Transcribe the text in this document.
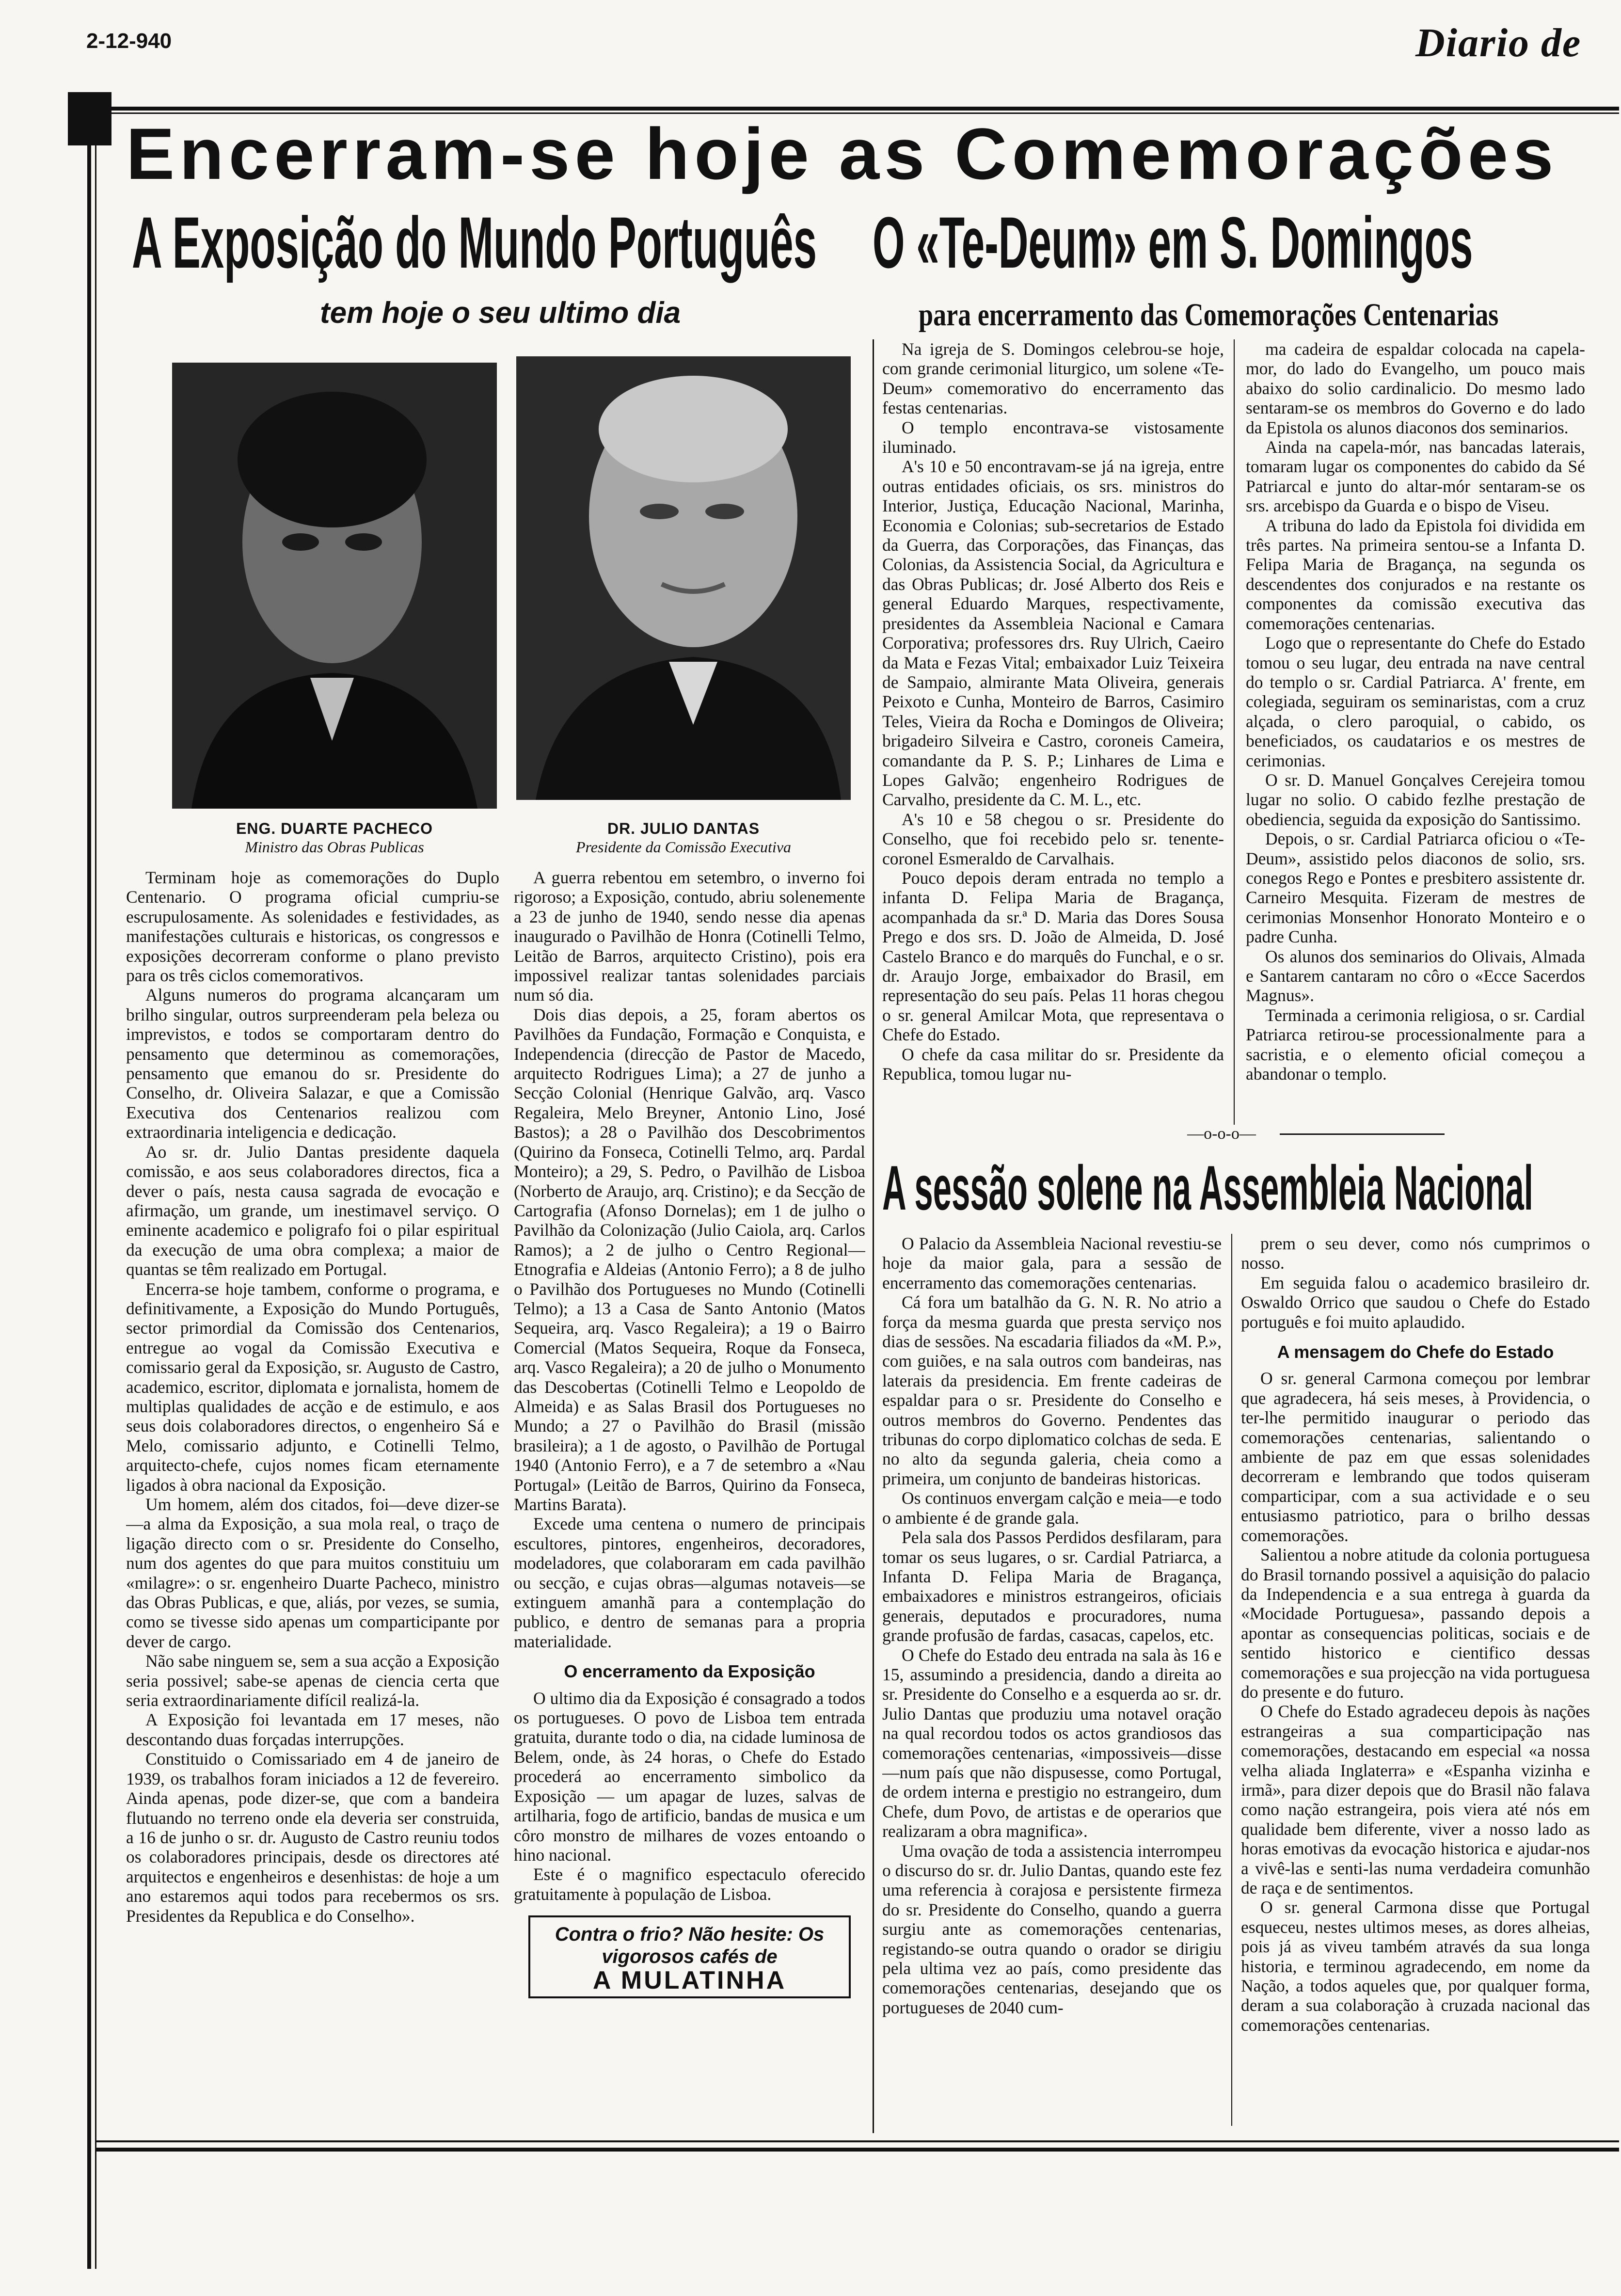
2-12-940	Diario de
Encerram-se hoje as Comemorações
A Exposição do Mundo Português
tem hoje o seu ultimo dia
O «Te-Deum» em S. Domingos
para encerramento das Comemorações Centenarias
ENG. DUARTE PACHECO
Ministro das Obras Publicas
DR. JULIO DANTAS
Presidente da Comissão Executiva

Terminam hoje as comemorações do Duplo Centenario. O programa oficial cumpriu-se escrupulosamente. As solenidades e festividades, as manifestações culturais e historicas, os congressos e exposições decorreram conforme o plano previsto para os três ciclos comemorativos.

Alguns numeros do programa alcançaram um brilho singular, outros surpreenderam pela beleza ou imprevistos, e todos se comportaram dentro do pensamento que determinou as comemorações, pensamento que emanou do sr. Presidente do Conselho, dr. Oliveira Salazar, e que a Comissão Executiva dos Centenarios realizou com extraordinaria inteligencia e dedicação.

Ao sr. dr. Julio Dantas presidente daquela comissão, e aos seus colaboradores directos, fica a dever o país, nesta causa sagrada de evocação e afirmação, um grande, um inestimavel serviço. O eminente academico e poligrafo foi o pilar espiritual da execução de uma obra complexa; a maior de quantas se têm realizado em Portugal.

Encerra-se hoje tambem, conforme o programa, e definitivamente, a Exposição do Mundo Português, sector primordial da Comissão dos Centenarios, entregue ao vogal da Comissão Executiva e comissario geral da Exposição, sr. Augusto de Castro, academico, escritor, diplomata e jornalista, homem de multiplas qualidades de acção e de estimulo, e aos seus dois colaboradores directos, o engenheiro Sá e Melo, comissario adjunto, e Cotinelli Telmo, arquitecto-chefe, cujos nomes ficam eternamente ligados à obra nacional da Exposição.

Um homem, além dos citados, foi—deve dizer-se—a alma da Exposição, a sua mola real, o traço de ligação directo com o sr. Presidente do Conselho, num dos agentes do que para muitos constituiu um «milagre»: o sr. engenheiro Duarte Pacheco, ministro das Obras Publicas, e que, aliás, por vezes, se sumia, como se tivesse sido apenas um comparticipante por dever de cargo.

Não sabe ninguem se, sem a sua acção a Exposição seria possivel; sabe-se apenas de ciencia certa que seria extraordinariamente difícil realizá-la.

A Exposição foi levantada em 17 meses, não descontando duas forçadas interrupções.

Constituido o Comissariado em 4 de janeiro de 1939, os trabalhos foram iniciados a 12 de fevereiro. Ainda apenas, pode dizer-se, que com a bandeira flutuando no terreno onde ela deveria ser construida, a 16 de junho o sr. dr. Augusto de Castro reuniu todos os colaboradores principais, desde os directores até arquitectos e engenheiros e desenhistas: de hoje a um ano estaremos aqui todos para recebermos os srs. Presidentes da Republica e do Conselho».

A guerra rebentou em setembro, o inverno foi rigoroso; a Exposição, contudo, abriu solenemente a 23 de junho de 1940, sendo nesse dia apenas inaugurado o Pavilhão de Honra (Cotinelli Telmo, Leitão de Barros, arquitecto Cristino), pois era impossivel realizar tantas solenidades parciais num só dia.

Dois dias depois, a 25, foram abertos os Pavilhões da Fundação, Formação e Conquista, e Independencia (direcção de Pastor de Macedo, arquitecto Rodrigues Lima); a 27 de junho a Secção Colonial (Henrique Galvão, arq. Vasco Regaleira, Melo Breyner, Antonio Lino, José Bastos); a 28 o Pavilhão dos Descobrimentos (Quirino da Fonseca, Cotinelli Telmo, arq. Pardal Monteiro); a 29, S. Pedro, o Pavilhão de Lisboa (Norberto de Araujo, arq. Cristino); e da Secção de Cartografia (Afonso Dornelas); em 1 de julho o Pavilhão da Colonização (Julio Caiola, arq. Carlos Ramos); a 2 de julho o Centro Regional—Etnografia e Aldeias (Antonio Ferro); a 8 de julho o Pavilhão dos Portugueses no Mundo (Cotinelli Telmo); a 13 a Casa de Santo Antonio (Matos Sequeira, arq. Vasco Regaleira); a 19 o Bairro Comercial (Matos Sequeira, Roque da Fonseca, arq. Vasco Regaleira); a 20 de julho o Monumento das Descobertas (Cotinelli Telmo e Leopoldo de Almeida) e as Salas Brasil dos Portugueses no Mundo; a 27 o Pavilhão do Brasil (missão brasileira); a 1 de agosto, o Pavilhão de Portugal 1940 (Antonio Ferro), e a 7 de setembro a «Nau Portugal» (Leitão de Barros, Quirino da Fonseca, Martins Barata).

Excede uma centena o numero de principais escultores, pintores, engenheiros, decoradores, modeladores, que colaboraram em cada pavilhão ou secção, e cujas obras—algumas notaveis—se extinguem amanhã para a contemplação do publico, e dentro de semanas para a propria materialidade.

O encerramento da Exposição

O ultimo dia da Exposição é consagrado a todos os portugueses. O povo de Lisboa tem entrada gratuita, durante todo o dia, na cidade luminosa de Belem, onde, às 24 horas, o Chefe do Estado procederá ao encerramento simbolico da Exposição — um apagar de luzes, salvas de artilharia, fogo de artificio, bandas de musica e um côro monstro de milhares de vozes entoando o hino nacional.

Este é o magnifico espectaculo oferecido gratuitamente à população de Lisboa.

Contra o frio? Não hesite: Os vigorosos cafés de
A MULATINHA

Na igreja de S. Domingos celebrou-se hoje, com grande cerimonial liturgico, um solene «Te-Deum» comemorativo do encerramento das festas centenarias.

O templo encontrava-se vistosamente iluminado.

A's 10 e 50 encontravam-se já na igreja, entre outras entidades oficiais, os srs. ministros do Interior, Justiça, Educação Nacional, Marinha, Economia e Colonias; sub-secretarios de Estado da Guerra, das Corporações, das Finanças, das Colonias, da Assistencia Social, da Agricultura e das Obras Publicas; dr. José Alberto dos Reis e general Eduardo Marques, respectivamente, presidentes da Assembleia Nacional e Camara Corporativa; professores drs. Ruy Ulrich, Caeiro da Mata e Fezas Vital; embaixador Luiz Teixeira de Sampaio, almirante Mata Oliveira, generais Peixoto e Cunha, Monteiro de Barros, Casimiro Teles, Vieira da Rocha e Domingos de Oliveira; brigadeiro Silveira e Castro, coroneis Cameira, comandante da P. S. P.; Linhares de Lima e Lopes Galvão; engenheiro Rodrigues de Carvalho, presidente da C. M. L., etc.

A's 10 e 58 chegou o sr. Presidente do Conselho, que foi recebido pelo sr. tenente-coronel Esmeraldo de Carvalhais.

Pouco depois deram entrada no templo a infanta D. Felipa Maria de Bragança, acompanhada da sr.ª D. Maria das Dores Sousa Prego e dos srs. D. João de Almeida, D. José Castelo Branco e do marquês do Funchal, e o sr. dr. Araujo Jorge, embaixador do Brasil, em representação do seu país. Pelas 11 horas chegou o sr. general Amilcar Mota, que representava o Chefe do Estado.

O chefe da casa militar do sr. Presidente da Republica, tomou lugar nu-

ma cadeira de espaldar colocada na capela-mor, do lado do Evangelho, um pouco mais abaixo do solio cardinalicio. Do mesmo lado sentaram-se os membros do Governo e do lado da Epistola os alunos diaconos dos seminarios.

Ainda na capela-mór, nas bancadas laterais, tomaram lugar os componentes do cabido da Sé Patriarcal e junto do altar-mór sentaram-se os srs. arcebispo da Guarda e o bispo de Viseu.

A tribuna do lado da Epistola foi dividida em três partes. Na primeira sentou-se a Infanta D. Felipa Maria de Bragança, na segunda os descendentes dos conjurados e na restante os componentes da comissão executiva das comemorações centenarias.

Logo que o representante do Chefe do Estado tomou o seu lugar, deu entrada na nave central do templo o sr. Cardial Patriarca. A' frente, em colegiada, seguiram os seminaristas, com a cruz alçada, o clero paroquial, o cabido, os beneficiados, os caudatarios e os mestres de cerimonias.

O sr. D. Manuel Gonçalves Cerejeira tomou lugar no solio. O cabido fezlhe prestação de obediencia, seguida da exposição do Santissimo.

Depois, o sr. Cardial Patriarca oficiou o «Te-Deum», assistido pelos diaconos de solio, srs. conegos Rego e Pontes e presbitero assistente dr. Carneiro Mesquita. Fizeram de mestres de cerimonias Monsenhor Honorato Monteiro e o padre Cunha.

Os alunos dos seminarios do Olivais, Almada e Santarem cantaram no côro o «Ecce Sacerdos Magnus».

Terminada a cerimonia religiosa, o sr. Cardial Patriarca retirou-se processionalmente para a sacristia, e o elemento oficial começou a abandonar o templo.

—o-o-o—
A sessão solene na Assembleia Nacional

O Palacio da Assembleia Nacional revestiu-se hoje da maior gala, para a sessão de encerramento das comemorações centenarias.

Cá fora um batalhão da G. N. R. No atrio a força da mesma guarda que presta serviço nos dias de sessões. Na escadaria filiados da «M. P.», com guiões, e na sala outros com bandeiras, nas laterais da presidencia. Em frente cadeiras de espaldar para o sr. Presidente do Conselho e outros membros do Governo. Pendentes das tribunas do corpo diplomatico colchas de seda. E no alto da segunda galeria, cheia como a primeira, um conjunto de bandeiras historicas.

Os continuos envergam calção e meia—e todo o ambiente é de grande gala.

Pela sala dos Passos Perdidos desfilaram, para tomar os seus lugares, o sr. Cardial Patriarca, a Infanta D. Felipa Maria de Bragança, embaixadores e ministros estrangeiros, oficiais generais, deputados e procuradores, numa grande profusão de fardas, casacas, capelos, etc.

O Chefe do Estado deu entrada na sala às 16 e 15, assumindo a presidencia, dando a direita ao sr. Presidente do Conselho e a esquerda ao sr. dr. Julio Dantas que produziu uma notavel oração na qual recordou todos os actos grandiosos das comemorações centenarias, «impossiveis—disse—num país que não dispusesse, como Portugal, de ordem interna e prestigio no estrangeiro, dum Chefe, dum Povo, de artistas e de operarios que realizaram a obra magnifica».

Uma ovação de toda a assistencia interrompeu o discurso do sr. dr. Julio Dantas, quando este fez uma referencia à corajosa e persistente firmeza do sr. Presidente do Conselho, quando a guerra surgiu ante as comemorações centenarias, registando-se outra quando o orador se dirigiu pela ultima vez ao país, como presidente das comemorações centenarias, desejando que os portugueses de 2040 cum-

prem o seu dever, como nós cumprimos o nosso.

Em seguida falou o academico brasileiro dr. Oswaldo Orrico que saudou o Chefe do Estado português e foi muito aplaudido.

A mensagem do Chefe do Estado

O sr. general Carmona começou por lembrar que agradecera, há seis meses, à Providencia, o ter-lhe permitido inaugurar o periodo das comemorações centenarias, salientando o ambiente de paz em que essas solenidades decorreram e lembrando que todos quiseram comparticipar, com a sua actividade e o seu entusiasmo patriotico, para o brilho dessas comemorações.

Salientou a nobre atitude da colonia portuguesa do Brasil tornando possivel a aquisição do palacio da Independencia e a sua entrega à guarda da «Mocidade Portuguesa», passando depois a apontar as consequencias politicas, sociais e de sentido historico e cientifico dessas comemorações e sua projecção na vida portuguesa do presente e do futuro.

O Chefe do Estado agradeceu depois às nações estrangeiras a sua comparticipação nas comemorações, destacando em especial «a nossa velha aliada Inglaterra» e «Espanha vizinha e irmã», para dizer depois que do Brasil não falava como nação estrangeira, pois viera até nós em qualidade bem diferente, viver a nosso lado as horas emotivas da evocação historica e ajudar-nos a vivê-las e senti-las numa verdadeira comunhão de raça e de sentimentos.

O sr. general Carmona disse que Portugal esqueceu, nestes ultimos meses, as dores alheias, pois já as viveu também através da sua longa historia, e terminou agradecendo, em nome da Nação, a todos aqueles que, por qualquer forma, deram a sua colaboração à cruzada nacional das comemorações centenarias.
